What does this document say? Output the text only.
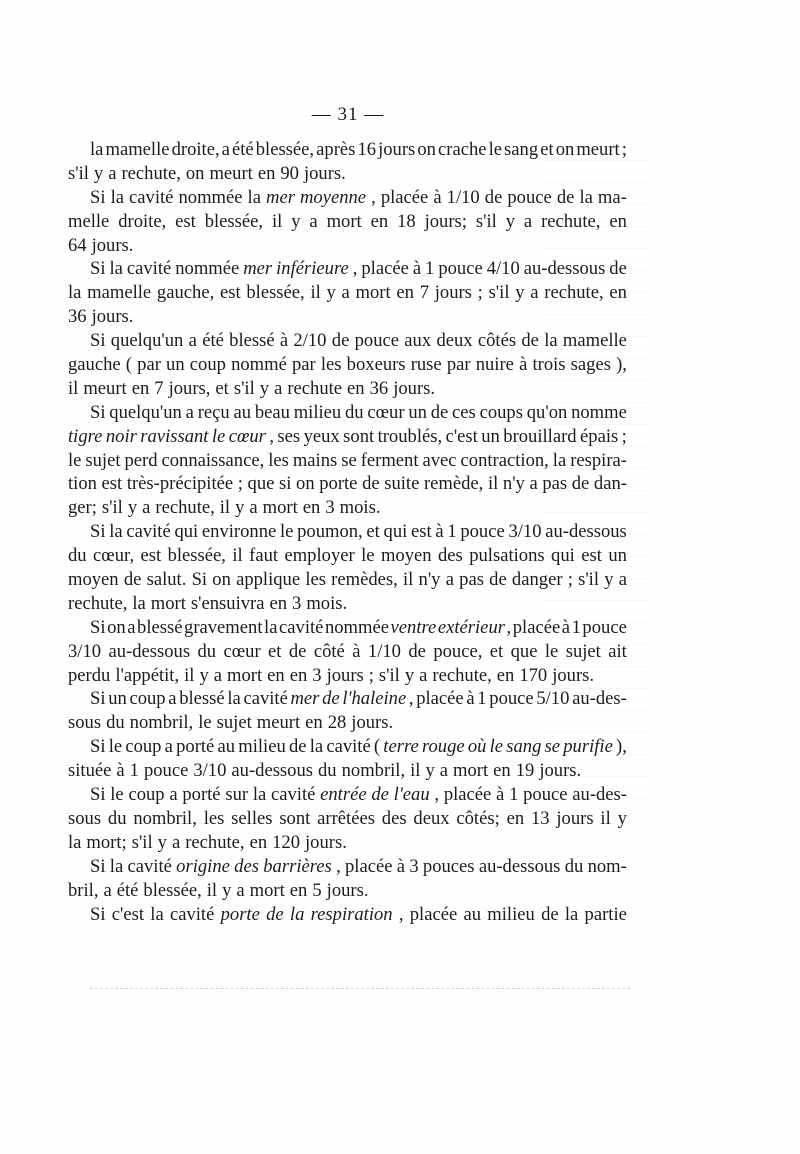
— 31 —
la mamelle droite, a été blessée, après 16 jours on crache le sang et on meurt ;
s'il y a rechute, on meurt en 90 jours.
Si la cavité nommée la mer moyenne , placée à 1/10 de pouce de la ma-
melle droite, est blessée, il y a mort en 18 jours; s'il y a rechute, en
64 jours.
Si la cavité nommée mer inférieure , placée à 1 pouce 4/10 au-dessous de
la mamelle gauche, est blessée, il y a mort en 7 jours ; s'il y a rechute, en
36 jours.
Si quelqu'un a été blessé à 2/10 de pouce aux deux côtés de la mamelle
gauche ( par un coup nommé par les boxeurs ruse par nuire à trois sages ),
il meurt en 7 jours, et s'il y a rechute en 36 jours.
Si quelqu'un a reçu au beau milieu du cœur un de ces coups qu'on nomme
tigre noir ravissant le cœur , ses yeux sont troublés, c'est un brouillard épais ;
le sujet perd connaissance, les mains se ferment avec contraction, la respira-
tion est très-précipitée ; que si on porte de suite remède, il n'y a pas de dan-
ger; s'il y a rechute, il y a mort en 3 mois.
Si la cavité qui environne le poumon, et qui est à 1 pouce 3/10 au-dessous
du cœur, est blessée, il faut employer le moyen des pulsations qui est un
moyen de salut. Si on applique les remèdes, il n'y a pas de danger ; s'il y a
rechute, la mort s'ensuivra en 3 mois.
Si on a blessé gravement la cavité nommée ventre extérieur , placée à 1 pouce
3/10 au-dessous du cœur et de côté à 1/10 de pouce, et que le sujet ait
perdu l'appétit, il y a mort en en 3 jours ; s'il y a rechute, en 170 jours.
Si un coup a blessé la cavité mer de l'haleine , placée à 1 pouce 5/10 au-des-
sous du nombril, le sujet meurt en 28 jours.
Si le coup a porté au milieu de la cavité ( terre rouge où le sang se purifie ),
située à 1 pouce 3/10 au-dessous du nombril, il y a mort en 19 jours.
Si le coup a porté sur la cavité entrée de l'eau , placée à 1 pouce au-des-
sous du nombril, les selles sont arrêtées des deux côtés; en 13 jours il y
la mort; s'il y a rechute, en 120 jours.
Si la cavité origine des barrières , placée à 3 pouces au-dessous du nom-
bril, a été blessée, il y a mort en 5 jours.
Si c'est la cavité porte de la respiration , placée au milieu de la partie
